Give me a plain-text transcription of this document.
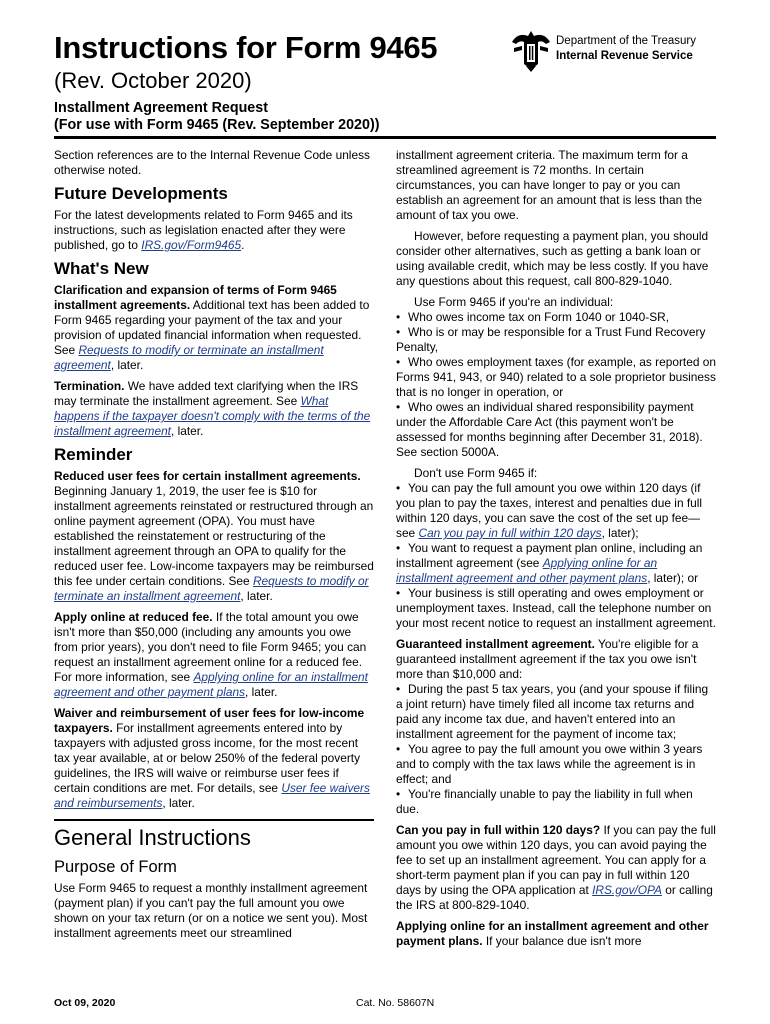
Instructions for Form 9465
(Rev. October 2020)
Installment Agreement Request
(For use with Form 9465 (Rev. September 2020))
Department of the Treasury
Internal Revenue Service

Section references are to the Internal Revenue Code unless otherwise noted.

Future Developments

For the latest developments related to Form 9465 and its instructions, such as legislation enacted after they were published, go to IRS.gov/Form9465.

What's New

Clarification and expansion of terms of Form 9465 installment agreements. Additional text has been added to Form 9465 regarding your payment of the tax and your provision of updated financial information when requested. See Requests to modify or terminate an installment agreement, later.

Termination. We have added text clarifying when the IRS may terminate the installment agreement. See What happens if the taxpayer doesn't comply with the terms of the installment agreement, later.

Reminder

Reduced user fees for certain installment agreements. Beginning January 1, 2019, the user fee is $10 for installment agreements reinstated or restructured through an online payment agreement (OPA). You must have established the reinstatement or restructuring of the installment agreement through an OPA to qualify for the reduced user fee. Low-income taxpayers may be reimbursed this fee under certain conditions. See Requests to modify or terminate an installment agreement, later.

Apply online at reduced fee. If the total amount you owe isn't more than $50,000 (including any amounts you owe from prior years), you don't need to file Form 9465; you can request an installment agreement online for a reduced fee. For more information, see Applying online for an installment agreement and other payment plans, later.

Waiver and reimbursement of user fees for low-income taxpayers. For installment agreements entered into by taxpayers with adjusted gross income, for the most recent tax year available, at or below 250% of the federal poverty guidelines, the IRS will waive or reimburse user fees if certain conditions are met. For details, see User fee waivers and reimbursements, later.

General Instructions
Purpose of Form

Use Form 9465 to request a monthly installment agreement (payment plan) if you can't pay the full amount you owe shown on your tax return (or on a notice we sent you). Most installment agreements meet our streamlined

installment agreement criteria. The maximum term for a streamlined agreement is 72 months. In certain circumstances, you can have longer to pay or you can establish an agreement for an amount that is less than the amount of tax you owe.

However, before requesting a payment plan, you should consider other alternatives, such as getting a bank loan or using available credit, which may be less costly. If you have any questions about this request, call 800-829-1040.

Use Form 9465 if you're an individual:

• Who owes income tax on Form 1040 or 1040-SR,
• Who is or may be responsible for a Trust Fund Recovery Penalty,
• Who owes employment taxes (for example, as reported on Forms 941, 943, or 940) related to a sole proprietor business that is no longer in operation, or
• Who owes an individual shared responsibility payment under the Affordable Care Act (this payment won't be assessed for months beginning after December 31, 2018). See section 5000A.

Don't use Form 9465 if:

• You can pay the full amount you owe within 120 days (if you plan to pay the taxes, interest and penalties due in full within 120 days, you can save the cost of the set up fee—see Can you pay in full within 120 days, later);
• You want to request a payment plan online, including an installment agreement (see Applying online for an installment agreement and other payment plans, later); or
• Your business is still operating and owes employment or unemployment taxes. Instead, call the telephone number on your most recent notice to request an installment agreement.

Guaranteed installment agreement. You're eligible for a guaranteed installment agreement if the tax you owe isn't more than $10,000 and:

• During the past 5 tax years, you (and your spouse if filing a joint return) have timely filed all income tax returns and paid any income tax due, and haven't entered into an installment agreement for the payment of income tax;
• You agree to pay the full amount you owe within 3 years and to comply with the tax laws while the agreement is in effect; and
• You're financially unable to pay the liability in full when due.

Can you pay in full within 120 days? If you can pay the full amount you owe within 120 days, you can avoid paying the fee to set up an installment agreement. You can apply for a short-term payment plan if you can pay in full within 120 days by using the OPA application at IRS.gov/OPA or calling the IRS at 800-829-1040.

Applying online for an installment agreement and other payment plans. If your balance due isn't more

Oct 09, 2020	Cat. No. 58607N
